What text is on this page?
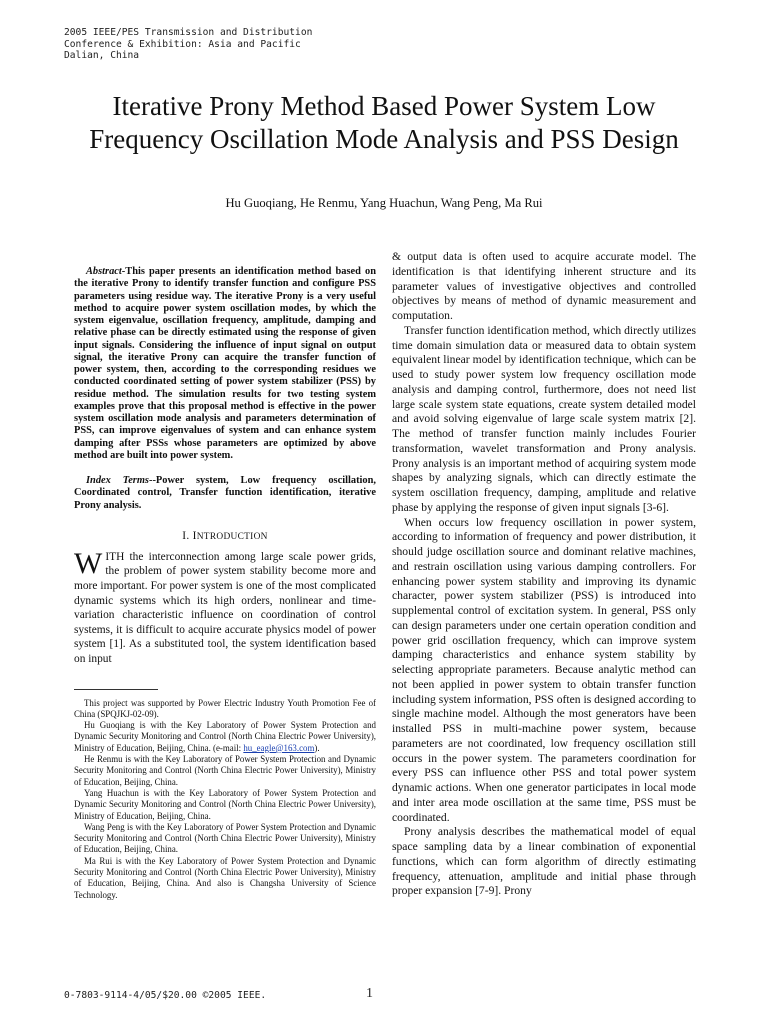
2005 IEEE/PES Transmission and Distribution
Conference & Exhibition: Asia and Pacific
Dalian, China
Iterative Prony Method Based Power System Low Frequency Oscillation Mode Analysis and PSS Design
Hu Guoqiang, He Renmu, Yang Huachun, Wang Peng, Ma Rui

Abstract-This paper presents an identification method based on the iterative Prony to identify transfer function and configure PSS parameters using residue way. The iterative Prony is a very useful method to acquire power system oscillation modes, by which the system eigenvalue, oscillation frequency, amplitude, damping and relative phase can be directly estimated using the response of given input signals. Considering the influence of input signal on output signal, the iterative Prony can acquire the transfer function of power system, then, according to the corresponding residues we conducted coordinated setting of power system stabilizer (PSS) by residue method. The simulation results for two testing system examples prove that this proposal method is effective in the power system oscillation mode analysis and parameters determination of PSS, can improve eigenvalues of system and can enhance system damping after PSSs whose parameters are optimized by above method are built into power system.

Index Terms--Power system, Low frequency oscillation, Coordinated control, Transfer function identification, iterative Prony analysis.

I. INTRODUCTION

WITH the interconnection among large scale power grids, the problem of power system stability become more and more important. For power system is one of the most complicated dynamic systems which its high orders, nonlinear and time-variation characteristic influence on coordination of control systems, it is difficult to acquire accurate physics model of power system [1]. As a substituted tool, the system identification based on input

This project was supported by Power Electric Industry Youth Promotion Fee of China (SPQJKJ-02-09).

Hu Guoqiang is with the Key Laboratory of Power System Protection and Dynamic Security Monitoring and Control (North China Electric Power University), Ministry of Education, Beijing, China. (e-mail: hu_eagle@163.com).

He Renmu is with the Key Laboratory of Power System Protection and Dynamic Security Monitoring and Control (North China Electric Power University), Ministry of Education, Beijing, China.

Yang Huachun is with the Key Laboratory of Power System Protection and Dynamic Security Monitoring and Control (North China Electric Power University), Ministry of Education, Beijing, China.

Wang Peng is with the Key Laboratory of Power System Protection and Dynamic Security Monitoring and Control (North China Electric Power University), Ministry of Education, Beijing, China.

Ma Rui is with the Key Laboratory of Power System Protection and Dynamic Security Monitoring and Control (North China Electric Power University), Ministry of Education, Beijing, China. And also is Changsha University of Science Technology.

& output data is often used to acquire accurate model. The identification is that identifying inherent structure and its parameter values of investigative objectives and controlled objectives by means of method of dynamic measurement and computation.

Transfer function identification method, which directly utilizes time domain simulation data or measured data to obtain system equivalent linear model by identification technique, which can be used to study power system low frequency oscillation mode analysis and damping control, furthermore, does not need list large scale system state equations, create system detailed model and avoid solving eigenvalue of large scale system matrix [2]. The method of transfer function mainly includes Fourier transformation, wavelet transformation and Prony analysis. Prony analysis is an important method of acquiring system mode shapes by analyzing signals, which can directly estimate the system oscillation frequency, damping, amplitude and relative phase by applying the response of given input signals [3-6].

When occurs low frequency oscillation in power system, according to information of frequency and power distribution, it should judge oscillation source and dominant relative machines, and restrain oscillation using various damping controllers. For enhancing power system stability and improving its dynamic character, power system stabilizer (PSS) is introduced into supplemental control of excitation system. In general, PSS only can design parameters under one certain operation condition and power grid oscillation frequency, which can improve system damping characteristics and enhance system stability by selecting appropriate parameters. Because analytic method can not been applied in power system to obtain transfer function including system information, PSS often is designed according to single machine model. Although the most generators have been installed PSS in multi-machine power system, because parameters are not coordinated, low frequency oscillation still occurs in the power system. The parameters coordination for every PSS can influence other PSS and total power system dynamic actions. When one generator participates in local mode and inter area mode oscillation at the same time, PSS must be coordinated.

Prony analysis describes the mathematical model of equal space sampling data by a linear combination of exponential functions, which can form algorithm of directly estimating frequency, attenuation, amplitude and initial phase through proper expansion [7-9]. Prony

0-7803-9114-4/05/$20.00 ©2005 IEEE.	1
